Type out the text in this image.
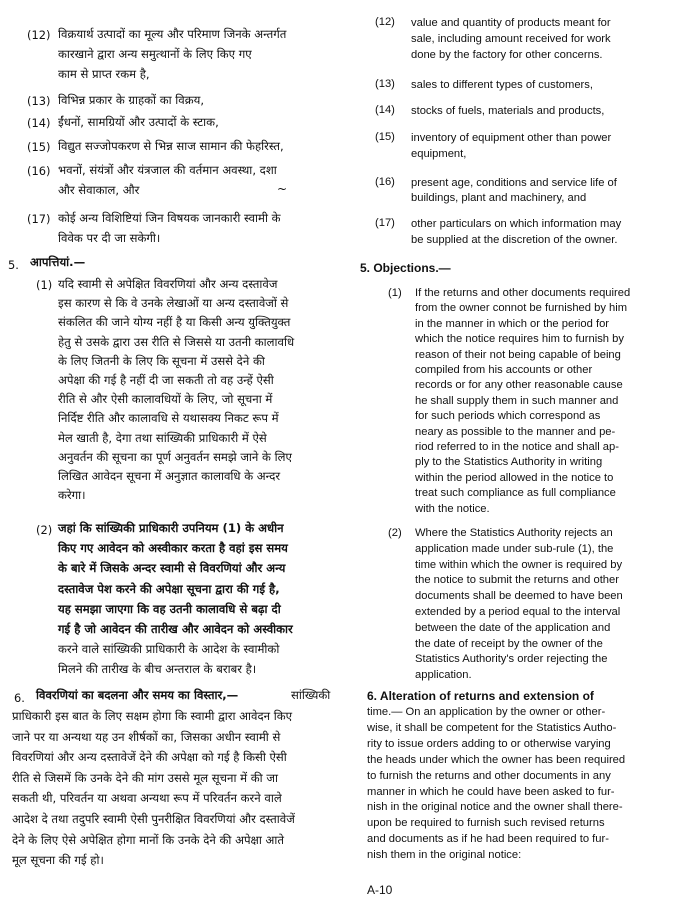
(12) विक्रयार्थ उत्पादों का मूल्य और परिमाण जिनके अन्तर्गत
कारखाने द्वारा अन्य समुत्थानों के लिए किए गए
काम से प्राप्त रकम है,
(13) विभिन्न प्रकार के ग्राहकों का विक्रय,
(14) ईंधनों, सामग्रियों और उत्पादों के स्टाक,
(15) विद्युत सज्जोपकरण से भिन्न साज सामान की फेहरिस्त,
(16) भवनों, संयंत्रों और यंत्रजाल की वर्तमान अवस्था, दशा
और सेवाकाल, और
(17) कोई अन्य विशिष्टियां जिन विषयक जानकारी स्वामी के
विवेक पर दी जा सकेगी।
~
5. आपत्तियां.—
(1) यदि स्वामी से अपेक्षित विवरणियां और अन्य दस्तावेज
इस कारण से कि वे उनके लेखाओं या अन्य दस्तावेजों से
संकलित की जाने योग्य नहीं है या किसी अन्य युक्तियुक्त
हेतु से उसके द्वारा उस रीति से जिससे या उतनी कालावधि
के लिए जितनी के लिए कि सूचना में उससे देने की
अपेक्षा की गई है नहीं दी जा सकती तो वह उन्हें ऐसी
रीति से और ऐसी कालावधियों के लिए, जो सूचना में
निर्दिष्ट रीति और कालावधि से यथासक्य निकट रूप में
मेल खाती है, देगा तथा सांख्यिकी प्राधिकारी में ऐसे
अनुवर्तन की सूचना का पूर्ण अनुवर्तन समझे जाने के लिए
लिखित आवेदन सूचना में अनुज्ञात कालावधि के अन्दर
करेगा।
(2) जहां कि सांख्यिकी प्राधिकारी उपनियम (1) के अधीन
किए गए आवेदन को अस्वीकार करता है वहां इस समय
के बारे में जिसके अन्दर स्वामी से विवरणियां और अन्य
दस्तावेज पेश करने की अपेक्षा सूचना द्वारा की गई है,
यह समझा जाएगा कि वह उतनी कालावधि से बढ़ा दी
गई है जो आवेदन की तारीख और आवेदन को अस्वीकार
करने वाले सांख्यिकी प्राधिकारी के आदेश के स्वामीको
मिलने की तारीख के बीच अन्तराल के बराबर है।
6. विवरणियां का बदलना और समय का विस्तार,—	सांख्यिकी
प्राधिकारी इस बात के लिए सक्षम होगा कि स्वामी द्वारा आवेदन किए
जाने पर या अन्यथा यह उन शीर्षकों का, जिसका अधीन स्वामी से
विवरणियां और अन्य दस्तावेजें देने की अपेक्षा को गई है किसी ऐसी
रीति से जिसमें कि उनके देने की मांग उससे मूल सूचना में की जा
सकती थी, परिवर्तन या अथवा अन्यथा रूप में परिवर्तन करने वाले
आदेश दे तथा तदुपरि स्वामी ऐसी पुनरीक्षित विवरणियां और दस्तावेजें
देने के लिए ऐसे अपेक्षित होगा मानों कि उनके देने की अपेक्षा आते
मूल सूचना की गई हो।
(12) value and quantity of products meant for
sale, including amount received for work
done by the factory for other concerns.
(13) sales to different types of customers,
(14) stocks of fuels, materials and products,
(15) inventory of equipment other than power
equipment,
(16) present age, conditions and service life of
buildings, plant and machinery, and
(17) other particulars on which information may
be supplied at the discretion of the owner.
5. Objections.—
(1) If the returns and other documents required
from the owner connot be furnished by him
in the manner in which or the period for
which the notice requires him to furnish by
reason of their not being capable of being
compiled from his accounts or other
records or for any other reasonable cause
he shall supply them in such manner and
for such periods which correspond as
neary as possible to the manner and pe-
riod referred to in the notice and shall ap-
ply to the Statistics Authority in writing
within the period allowed in the notice to
treat such compliance as full compliance
with the notice.
(2) Where the Statistics Authority rejects an
application made under sub-rule (1), the
time within which the owner is required by
the notice to submit the returns and other
documents shall be deemed to have been
extended by a period equal to the interval
between the date of the application and
the date of receipt by the owner of the
Statistics Authority's order rejecting the
application.
6. Alteration of returns and extension of
time.— On an application by the owner or other-
wise, it shall be competent for the Statistics Autho-
rity to issue orders adding to or otherwise varying
the heads under which the owner has been required
to furnish the returns and other documents in any
manner in which he could have been asked to fur-
nish in the original notice and the owner shall there-
upon be required to furnish such revised returns
and documents as if he had been required to fur-
nish them in the original notice:
A-10
